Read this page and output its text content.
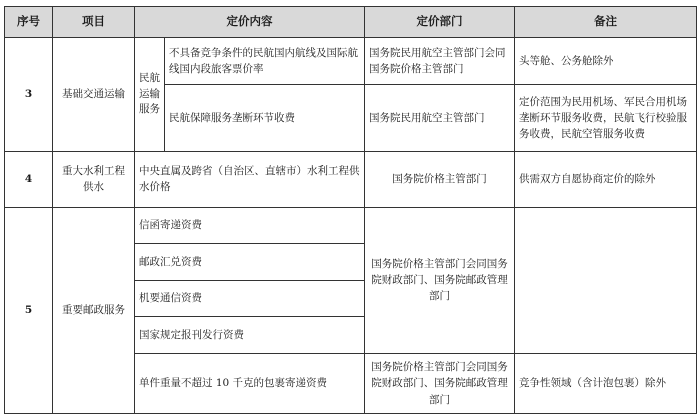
序号	项目	定价内容		定价部门	备注
3	基础交通运输	民航运输服务	不具备竞争条件的民航国内航线及国际航线国内段旅客票价率	国务院民用航空主管部门会同国务院价格主管部门	头等舱、公务舱除外
			民航保障服务垄断环节收费	国务院民用航空主管部门	定价范围为民用机场、军民合用机场垄断环节服务收费，民航飞行校验服务收费，民航空管服务收费
4	重大水利工程供水	中央直属及跨省（自治区、直辖市）水利工程供水价格		国务院价格主管部门	供需双方自愿协商定价的除外
5	重要邮政服务	信函寄递资费		国务院价格主管部门会同国务院财政部门、国务院邮政管理部门	
		邮政汇兑资费			
		机要通信资费			
		国家规定报刊发行资费			
		单件重量不超过 10 千克的包裹寄递资费		国务院价格主管部门会同国务院财政部门、国务院邮政管理部门	竞争性领域（含计泡包裹）除外
